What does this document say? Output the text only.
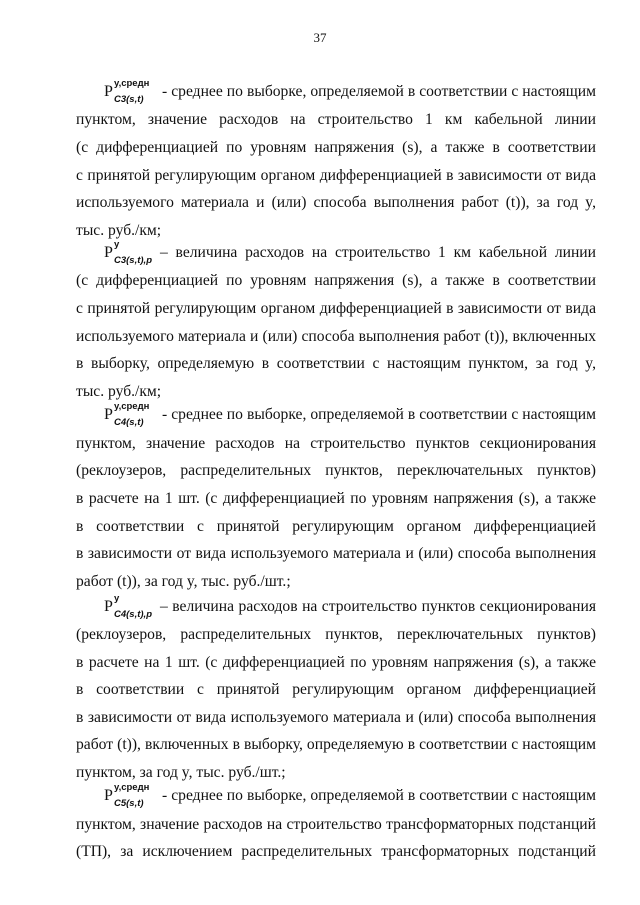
37
P у,средн
С3(s,t) - среднее по выборке, определяемой в соответствии с настоящим
пунктом, значение расходов на строительство 1 км кабельной линии
(с дифференциацией по уровням напряжения (s), а также в соответствии
с принятой регулирующим органом дифференциацией в зависимости от вида
используемого материала и (или) способа выполнения работ (t)), за год y,
тыс. руб./км;
P y
С3(s,t),p – величина расходов на строительство 1 км кабельной линии
(с дифференциацией по уровням напряжения (s), а также в соответствии
с принятой регулирующим органом дифференциацией в зависимости от вида
используемого материала и (или) способа выполнения работ (t)), включенных
в выборку, определяемую в соответствии с настоящим пунктом, за год y,
тыс. руб./км;
P у,средн
С4(s,t) - среднее по выборке, определяемой в соответствии с настоящим
пунктом, значение расходов на строительство пунктов секционирования
(реклоузеров, распределительных пунктов, переключательных пунктов)
в расчете на 1 шт. (с дифференциацией по уровням напряжения (s), а также
в соответствии с принятой регулирующим органом дифференциацией
в зависимости от вида используемого материала и (или) способа выполнения
работ (t)), за год y, тыс. руб./шт.;
P y
С4(s,t),p – величина расходов на строительство пунктов секционирования
(реклоузеров, распределительных пунктов, переключательных пунктов)
в расчете на 1 шт. (с дифференциацией по уровням напряжения (s), а также
в соответствии с принятой регулирующим органом дифференциацией
в зависимости от вида используемого материала и (или) способа выполнения
работ (t)), включенных в выборку, определяемую в соответствии с настоящим
пунктом, за год y, тыс. руб./шт.;
P у,средн
С5(s,t) - среднее по выборке, определяемой в соответствии с настоящим
пунктом, значение расходов на строительство трансформаторных подстанций
(ТП), за исключением распределительных трансформаторных подстанций
